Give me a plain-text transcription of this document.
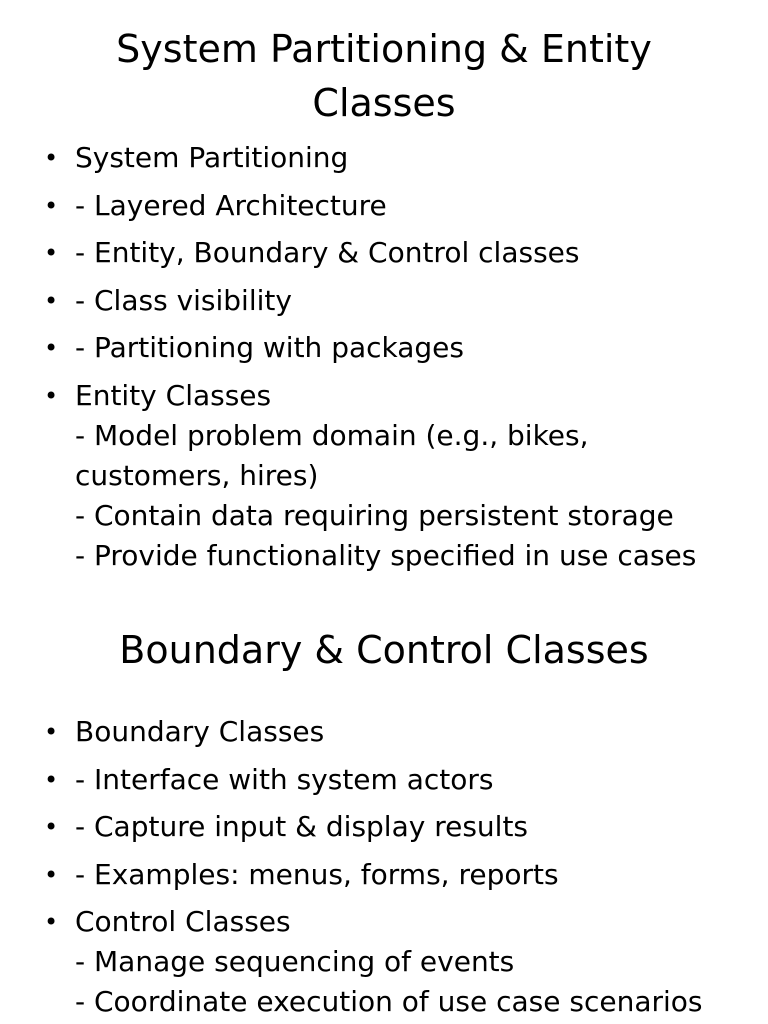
System Partitioning & Entity Classes
• System Partitioning
• - Layered Architecture
• - Entity, Boundary & Control classes
• - Class visibility
• - Partitioning with packages
• Entity Classes
- Model problem domain (e.g., bikes, customers, hires)
- Contain data requiring persistent storage
- Provide functionality specified in use cases
Boundary & Control Classes
• Boundary Classes
• - Interface with system actors
• - Capture input & display results
• - Examples: menus, forms, reports
• Control Classes
- Manage sequencing of events
- Coordinate execution of use case scenarios
